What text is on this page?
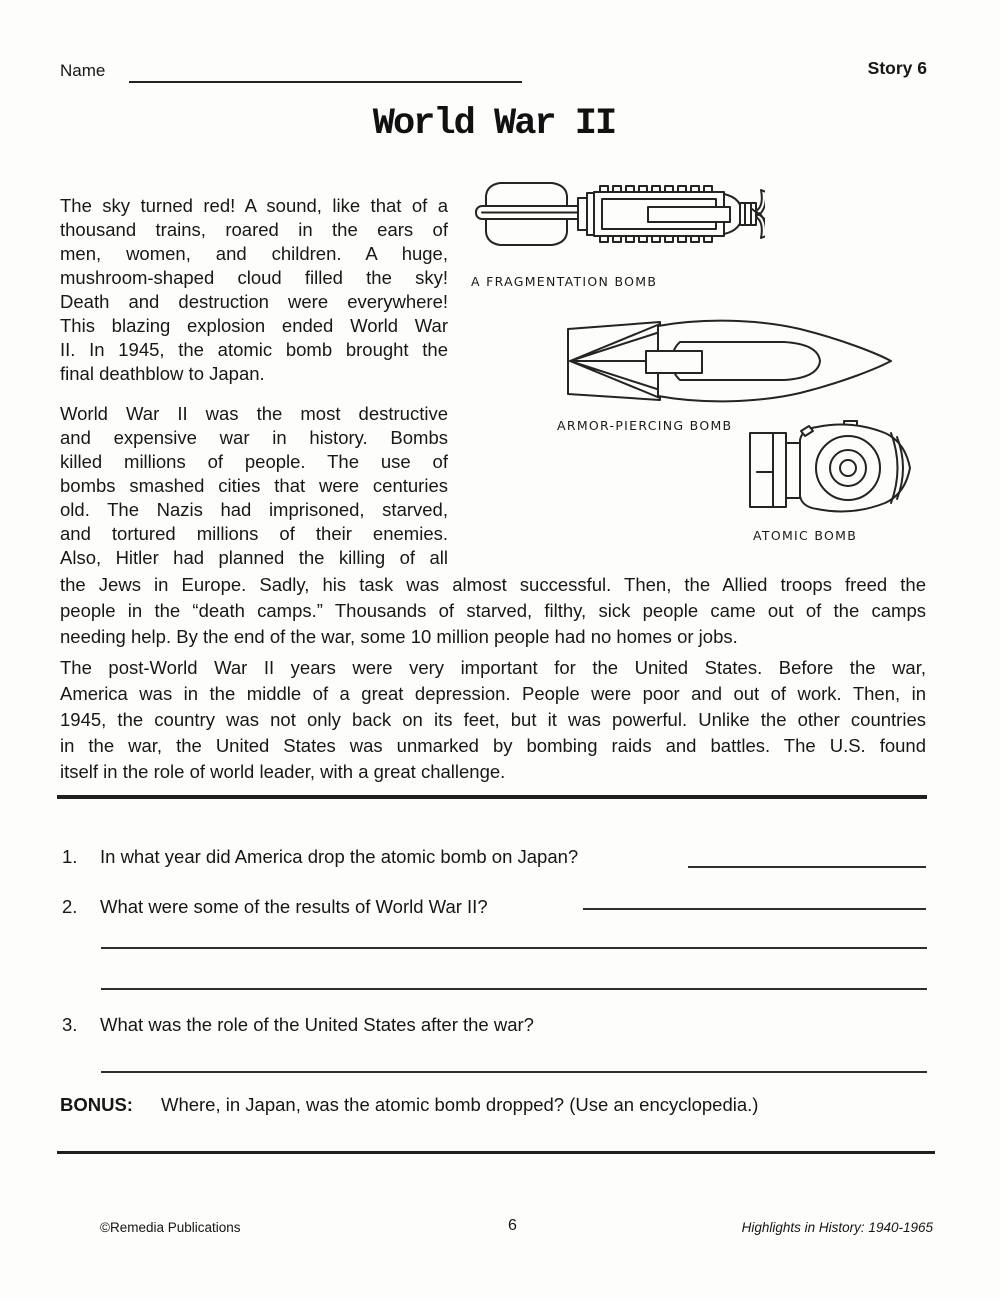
Name	Story 6
World War II
The sky turned red! A sound, like that of a
thousand trains, roared in the ears of
men, women, and children. A huge,
mushroom-shaped cloud filled the sky!
Death and destruction were everywhere!
This blazing explosion ended World War
II. In 1945, the atomic bomb brought the
final deathblow to Japan.
A FRAGMENTATION BOMB
World War II was the most destructive
and expensive war in history. Bombs
killed millions of people. The use of
bombs smashed cities that were centuries
old. The Nazis had imprisoned, starved,
and tortured millions of their enemies.
Also, Hitler had planned the killing of all
ARMOR-PIERCING BOMB
ATOMIC BOMB
the Jews in Europe. Sadly, his task was almost successful. Then, the Allied troops freed the
people in the “death camps.” Thousands of starved, filthy, sick people came out of the camps
needing help. By the end of the war, some 10 million people had no homes or jobs.
The post-World War II years were very important for the United States. Before the war,
America was in the middle of a great depression. People were poor and out of work. Then, in
1945, the country was not only back on its feet, but it was powerful. Unlike the other countries
in the war, the United States was unmarked by bombing raids and battles. The U.S. found
itself in the role of world leader, with a great challenge.
1. In what year did America drop the atomic bomb on Japan?
2. What were some of the results of World War II?
3. What was the role of the United States after the war?
BONUS: Where, in Japan, was the atomic bomb dropped? (Use an encyclopedia.)
©Remedia Publications	6	Highlights in History: 1940-1965
